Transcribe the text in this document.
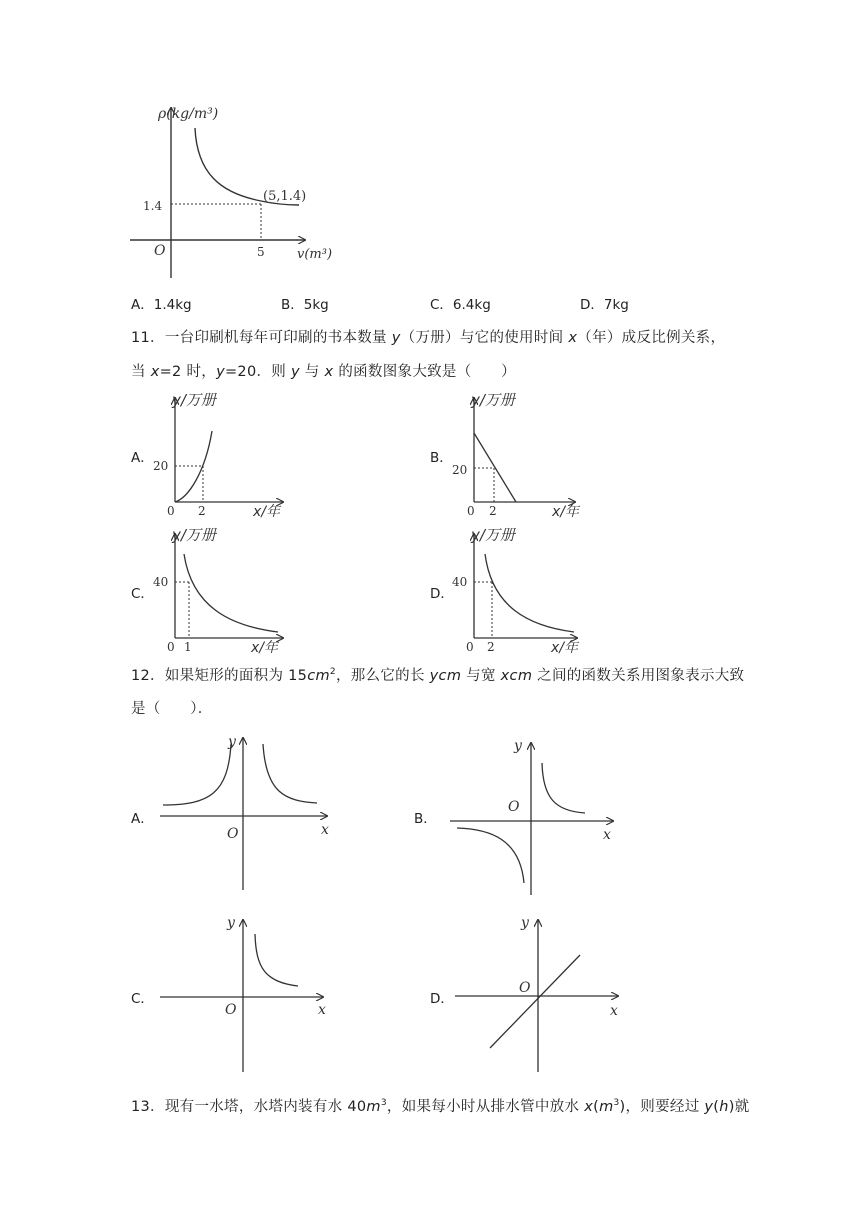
ρ(kg/m³)
v(m³)
1.4
5
O
(5,1.4)
A．1.4kg	B．5kg	C．6.4kg	D．7kg
11．一台印刷机每年可印刷的书本数量 y（万册）与它的使用时间 x（年）成反比例关系，
当 x=2 时，y=20．则 y 与 x 的函数图象大致是（　　）
A．
y/万册
x/年
20
2
0
B．
y/万册
x/年
20
2
0
C．
y/万册
x/年
40
1
0
D．
y/万册
x/年
40
2
0
12．如果矩形的面积为 $15cm^2$，那么它的长 ycm 与宽 xcm 之间的函数关系用图象表示大致
是（　　）．
A．
y
x
O
B．
y
x
O
C．
y
x
O
D．
y
x
O
13．现有一水塔，水塔内装有水 $40m^3$，如果每小时从排水管中放水 $x(m^3)$，则要经过 y(h)就
